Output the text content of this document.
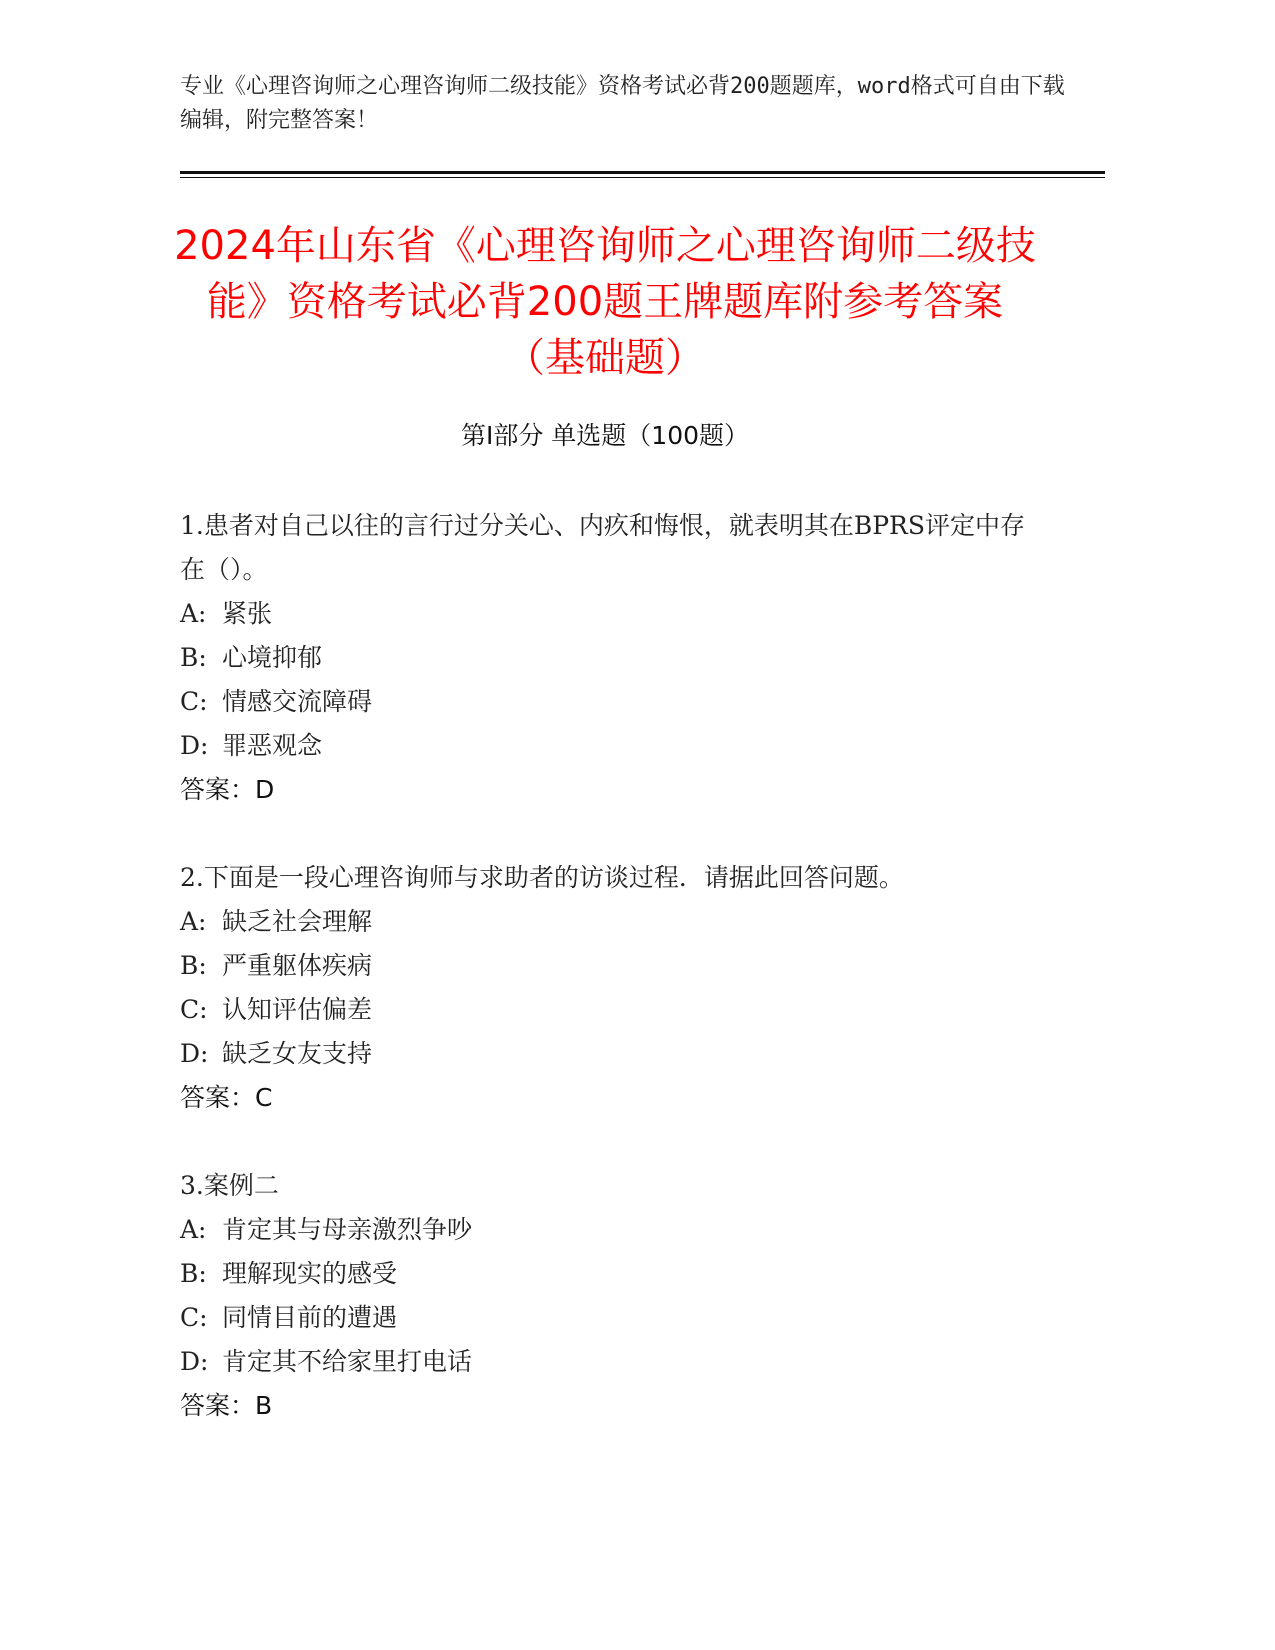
专业《心理咨询师之心理咨询师二级技能》资格考试必背200题题库，word格式可自由下载编辑，附完整答案！
2024年山东省《心理咨询师之心理咨询师二级技能》资格考试必背200题王牌题库附参考答案（基础题）
第I部分 单选题（100题）

1.患者对自己以往的言行过分关心、内疚和悔恨，就表明其在BPRS评定中存在（）。

A: 紧张

B: 心境抑郁

C: 情感交流障碍

D: 罪恶观念

答案：D

2.下面是一段心理咨询师与求助者的访谈过程．请据此回答问题。

A: 缺乏社会理解

B: 严重躯体疾病

C: 认知评估偏差

D: 缺乏女友支持

答案：C

3.案例二

A: 肯定其与母亲激烈争吵

B: 理解现实的感受

C: 同情目前的遭遇

D: 肯定其不给家里打电话

答案：B
